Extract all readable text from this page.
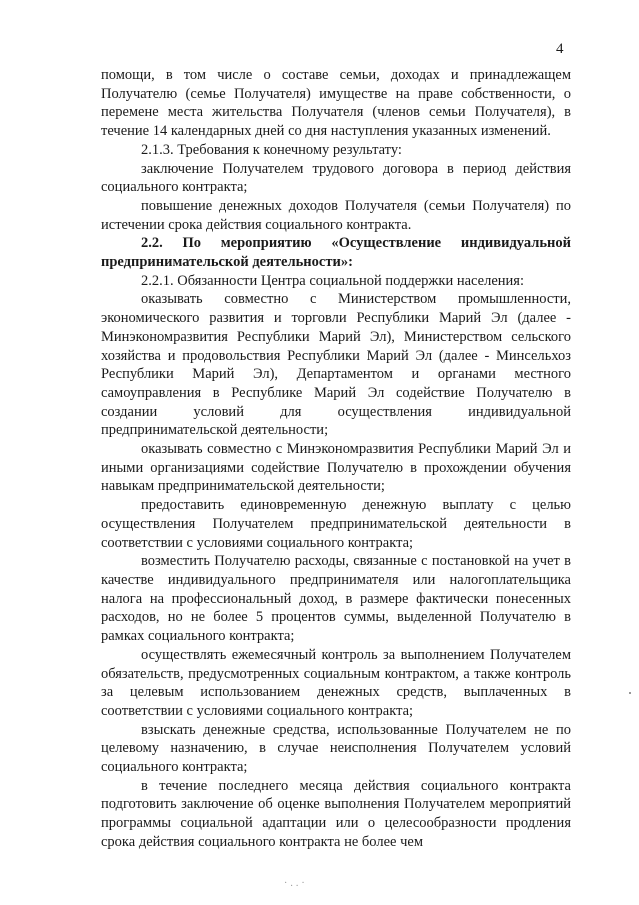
4

помощи, в том числе о составе семьи, доходах и принадлежащем Получателю (семье Получателя) имуществе на праве собственности, о перемене места жительства Получателя (членов семьи Получателя), в течение 14 календарных дней со дня наступления указанных изменений.

2.1.3. Требования к конечному результату:

заключение Получателем трудового договора в период действия социального контракта;

повышение денежных доходов Получателя (семьи Получателя) по истечении срока действия социального контракта.

2.2. По мероприятию «Осуществление индивидуальной предпринимательской деятельности»:

2.2.1. Обязанности Центра социальной поддержки населения:

оказывать совместно с Министерством промышленности, экономического развития и торговли Республики Марий Эл (далее - Минэкономразвития Республики Марий Эл), Министерством сельского хозяйства и продовольствия Республики Марий Эл (далее - Минсельхоз Республики Марий Эл), Департаментом и органами местного самоуправления в Республике Марий Эл содействие Получателю в создании условий для осуществления индивидуальной предпринимательской деятельности;

оказывать совместно с Минэкономразвития Республики Марий Эл и иными организациями содействие Получателю в прохождении обучения навыкам предпринимательской деятельности;

предоставить единовременную денежную выплату с целью осуществления Получателем предпринимательской деятельности в соответствии с условиями социального контракта;

возместить Получателю расходы, связанные с постановкой на учет в качестве индивидуального предпринимателя или налогоплательщика налога на профессиональный доход, в размере фактически понесенных расходов, но не более 5 процентов суммы, выделенной Получателю в рамках социального контракта;

осуществлять ежемесячный контроль за выполнением Получателем обязательств, предусмотренных социальным контрактом, а также контроль за целевым использованием денежных средств, выплаченных в соответствии с условиями социального контракта;

взыскать денежные средства, использованные Получателем не по целевому назначению, в случае неисполнения Получателем условий социального контракта;

в течение последнего месяца действия социального контракта подготовить заключение об оценке выполнения Получателем мероприятий программы социальной адаптации или о целесообразности продления срока действия социального контракта не более чем

·..·
